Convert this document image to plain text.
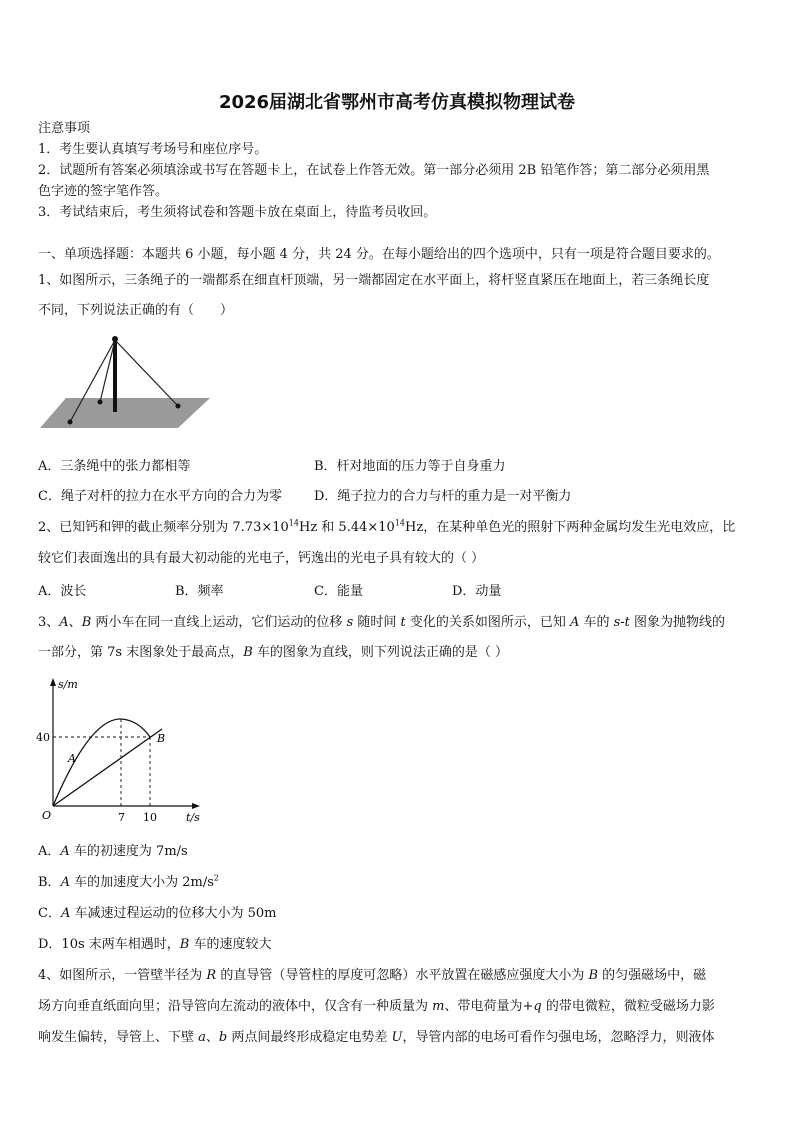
2026届湖北省鄂州市高考仿真模拟物理试卷
注意事项
1．考生要认真填写考场号和座位序号。
2．试题所有答案必须填涂或书写在答题卡上，在试卷上作答无效。第一部分必须用 2B 铅笔作答；第二部分必须用黑
色字迹的签字笔作答。
3．考试结束后，考生须将试卷和答题卡放在桌面上，待监考员收回。
一、单项选择题：本题共 6 小题，每小题 4 分，共 24 分。在每小题给出的四个选项中，只有一项是符合题目要求的。
1、如图所示，三条绳子的一端都系在细直杆顶端，另一端都固定在水平面上，将杆竖直紧压在地面上，若三条绳长度
不同，下列说法正确的有（　　）
A．三条绳中的张力都相等	B．杆对地面的压力等于自身重力
C．绳子对杆的拉力在水平方向的合力为零 D．绳子拉力的合力与杆的重力是一对平衡力
2、已知钙和钾的截止频率分别为 $7.73\times 10^{14}Hz$ 和 $5.44\times 10^{14}Hz$，在某种单色光的照射下两种金属均发生光电效应，比
较它们表面逸出的具有最大初动能的光电子，钙逸出的光电子具有较大的（ ）
A．波长	B．频率	C．能量	D．动量
3、A、B 两小车在同一直线上运动，它们运动的位移 s 随时间 t 变化的关系如图所示，已知 A 车的 s-t 图象为抛物线的
一部分，第 7s 末图象处于最高点，B 车的图象为直线，则下列说法正确的是（ ）
s/m
t/s
O
40
7 10
A
B
A．A 车的初速度为 7m/s
B．A 车的加速度大小为 $2m/s^2$
C．A 车减速过程运动的位移大小为 50m
D．10s 末两车相遇时，B 车的速度较大
4、如图所示，一管壁半径为 R 的直导管（导管柱的厚度可忽略）水平放置在磁感应强度大小为 B 的匀强磁场中，磁
场方向垂直纸面向里；沿导管向左流动的液体中，仅含有一种质量为 m、带电荷量为+q 的带电微粒，微粒受磁场力影
响发生偏转，导管上、下壁 a、b 两点间最终形成稳定电势差 U，导管内部的电场可看作匀强电场，忽略浮力，则液体
